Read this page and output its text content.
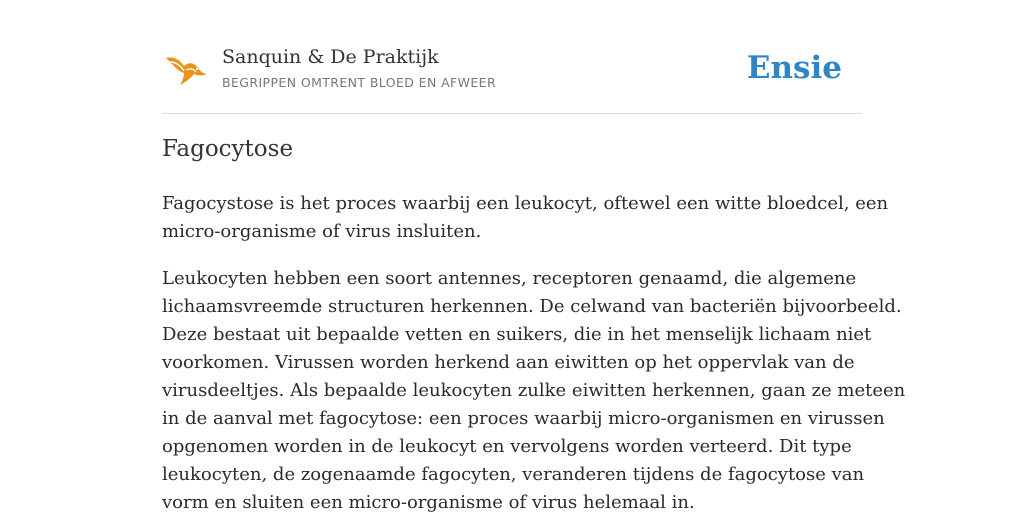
Sanquin & De Praktijk
BEGRIPPEN OMTRENT BLOED EN AFWEER	Ensie
Fagocytose

Fagocystose is het proces waarbij een leukocyt, oftewel een witte bloedcel, een
micro-organisme of virus insluiten.

Leukocyten hebben een soort antennes, receptoren genaamd, die algemene
lichaamsvreemde structuren herkennen. De celwand van bacteriën bijvoorbeeld.
Deze bestaat uit bepaalde vetten en suikers, die in het menselijk lichaam niet
voorkomen. Virussen worden herkend aan eiwitten op het oppervlak van de
virusdeeltjes. Als bepaalde leukocyten zulke eiwitten herkennen, gaan ze meteen
in de aanval met fagocytose: een proces waarbij micro-organismen en virussen
opgenomen worden in de leukocyt en vervolgens worden verteerd. Dit type
leukocyten, de zogenaamde fagocyten, veranderen tijdens de fagocytose van
vorm en sluiten een micro-organisme of virus helemaal in.
